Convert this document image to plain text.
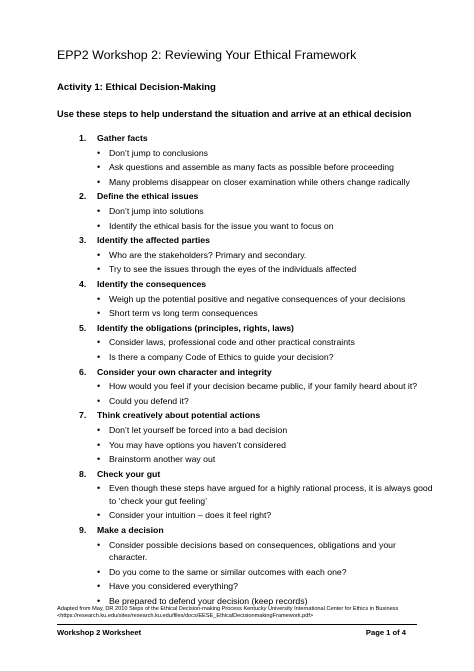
EPP2 Workshop 2: Reviewing Your Ethical Framework
Activity 1: Ethical Decision-Making
Use these steps to help understand the situation and arrive at an ethical decision
1.	Gather facts
•	Don’t jump to conclusions
•	Ask questions and assemble as many facts as possible before proceeding
•	Many problems disappear on closer examination while others change radically
2.	Define the ethical issues
•	Don’t jump into solutions
•	Identify the ethical basis for the issue you want to focus on
3.	Identify the affected parties
•	Who are the stakeholders? Primary and secondary.
•	Try to see the issues through the eyes of the individuals affected
4.	Identify the consequences
•	Weigh up the potential positive and negative consequences of your decisions
•	Short term vs long term consequences
5.	Identify the obligations (principles, rights, laws)
•	Consider laws, professional code and other practical constraints
•	Is there a company Code of Ethics to guide your decision?
6.	Consider your own character and integrity
•	How would you feel if your decision became public, if your family heard about it?
•	Could you defend it?
7.	Think creatively about potential actions
•	Don’t let yourself be forced into a bad decision
•	You may have options you haven’t considered
•	Brainstorm another way out
8.	Check your gut
•	Even though these steps have argued for a highly rational process, it is always good to ‘check your gut feeling’
•	Consider your intuition – does it feel right?
9.	Make a decision
•	Consider possible decisions based on consequences, obligations and your character.
•	Do you come to the same or similar outcomes with each one?
•	Have you considered everything?
•	Be prepared to defend your decision (keep records)
Adapted from May, DR 2010 Steps of the Ethical Decision-making Process Kentucky University International Center for Ethics in Business
<https://research.ku.edu/sites/research.ku.edu/files/docs/EESE_EthicalDecisionmakingFramework.pdf>
Workshop 2 Worksheet	Page 1 of 4
